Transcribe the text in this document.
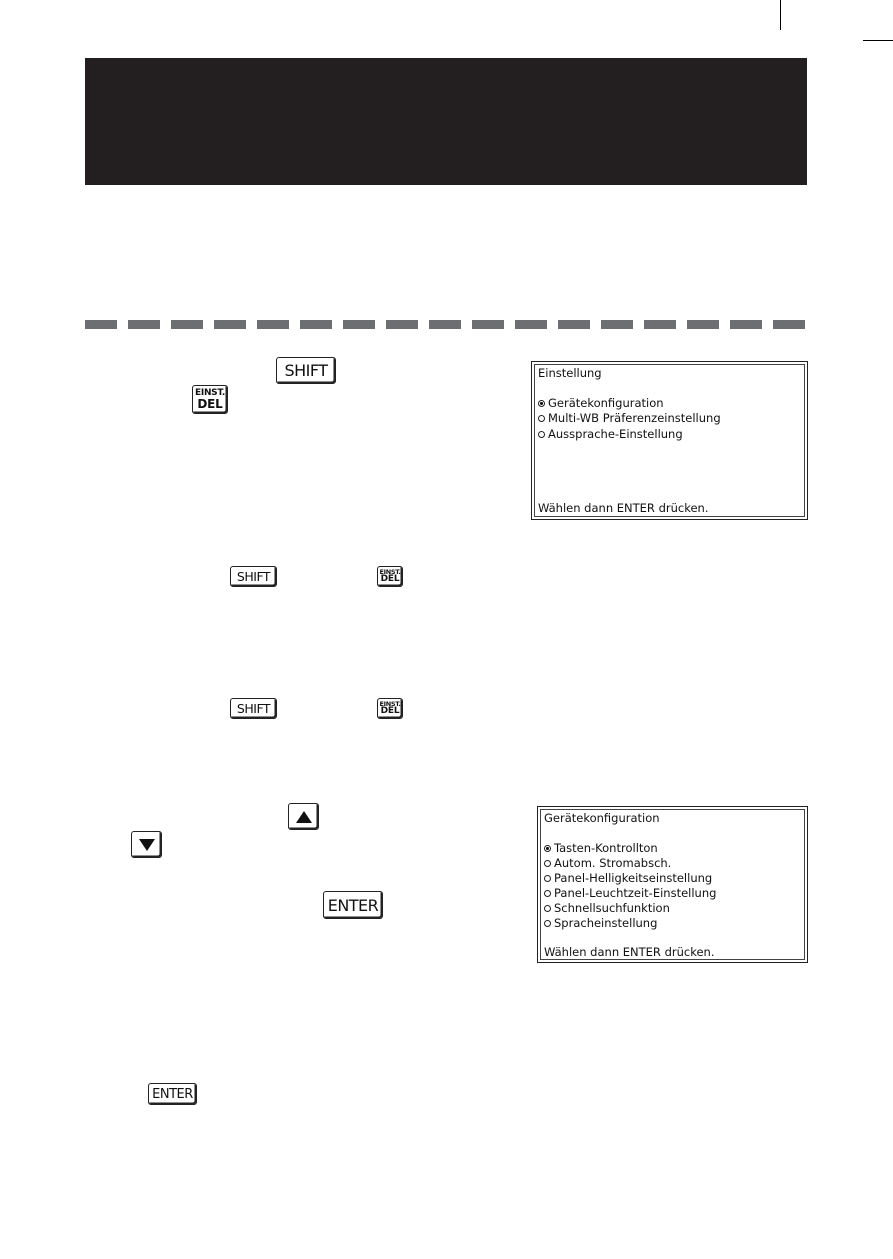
SHIFT
EINST.
DEL
Einstellung
Gerätekonfiguration
Multi-WB Präferenzeinstellung
Aussprache-Einstellung
Wählen dann ENTER drücken.
SHIFT	EINST.
DEL
SHIFT	EINST.
DEL
ENTER
Gerätekonfiguration
Tasten-Kontrollton
Autom. Stromabsch.
Panel-Helligkeitseinstellung
Panel-Leuchtzeit-Einstellung
Schnellsuchfunktion
Spracheinstellung
Wählen dann ENTER drücken.
ENTER
